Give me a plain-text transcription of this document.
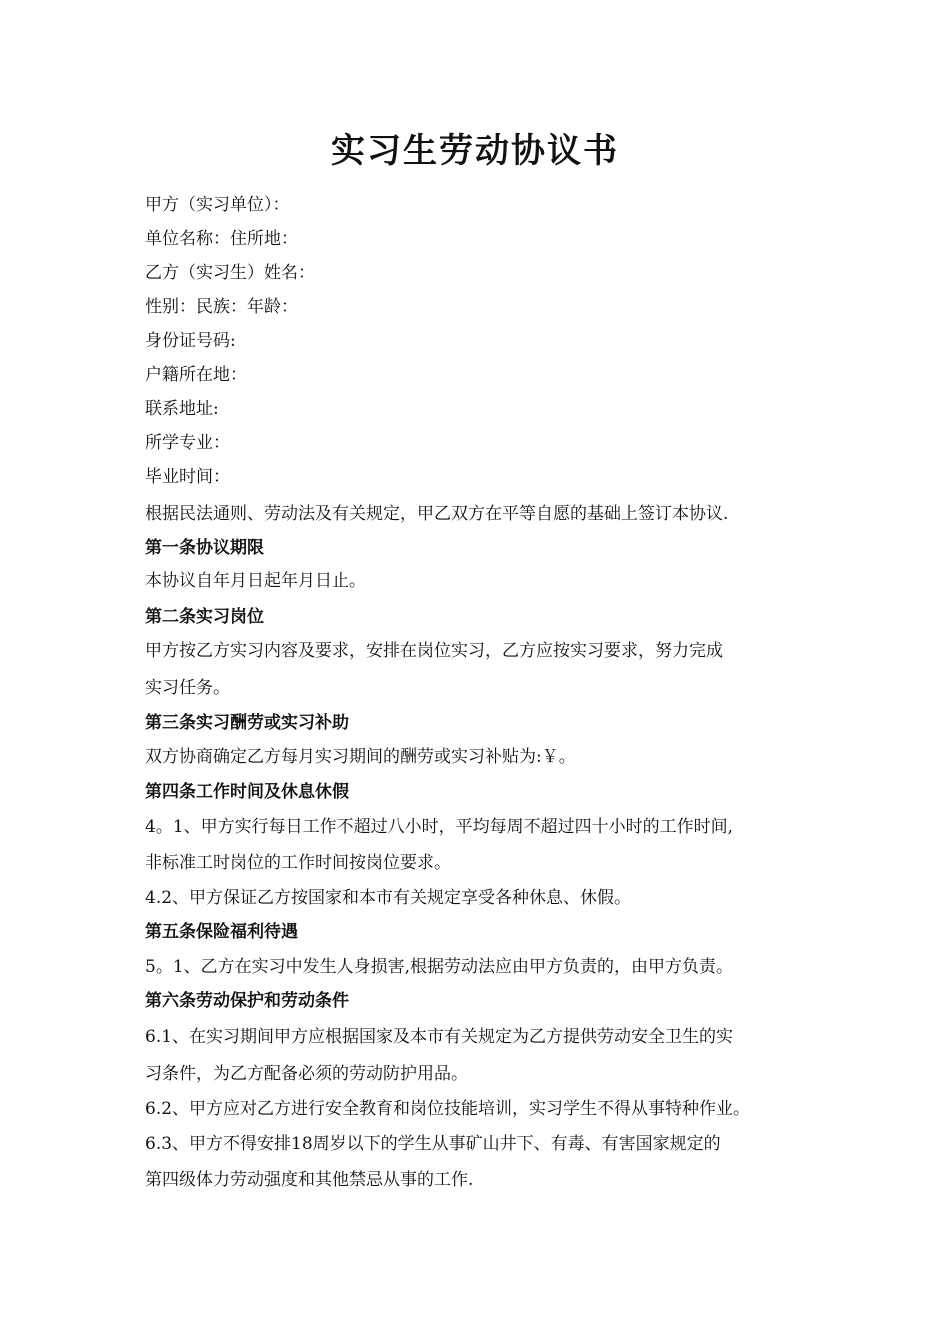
实习生劳动协议书
甲方（实习单位）：
单位名称：住所地：
乙方（实习生）姓名：
性别：民族：年龄：
身份证号码:
户籍所在地：
联系地址:
所学专业：
毕业时间：
根据民法通则、劳动法及有关规定，甲乙双方在平等自愿的基础上签订本协议.
第一条协议期限
本协议自年月日起年月日止。
第二条实习岗位
甲方按乙方实习内容及要求，安排在岗位实习，乙方应按实习要求，努力完成
实习任务。
第三条实习酬劳或实习补助
双方协商确定乙方每月实习期间的酬劳或实习补贴为:￥。
第四条工作时间及休息休假
4。1、甲方实行每日工作不超过八小时，平均每周不超过四十小时的工作时间,
非标准工时岗位的工作时间按岗位要求。
4.2、甲方保证乙方按国家和本市有关规定享受各种休息、休假。
第五条保险福利待遇
5。1、乙方在实习中发生人身损害,根据劳动法应由甲方负责的，由甲方负责。
第六条劳动保护和劳动条件
6.1、在实习期间甲方应根据国家及本市有关规定为乙方提供劳动安全卫生的实
习条件，为乙方配备必须的劳动防护用品。
6.2、甲方应对乙方进行安全教育和岗位技能培训，实习学生不得从事特种作业。
6.3、甲方不得安排18周岁以下的学生从事矿山井下、有毒、有害国家规定的
第四级体力劳动强度和其他禁忌从事的工作.
